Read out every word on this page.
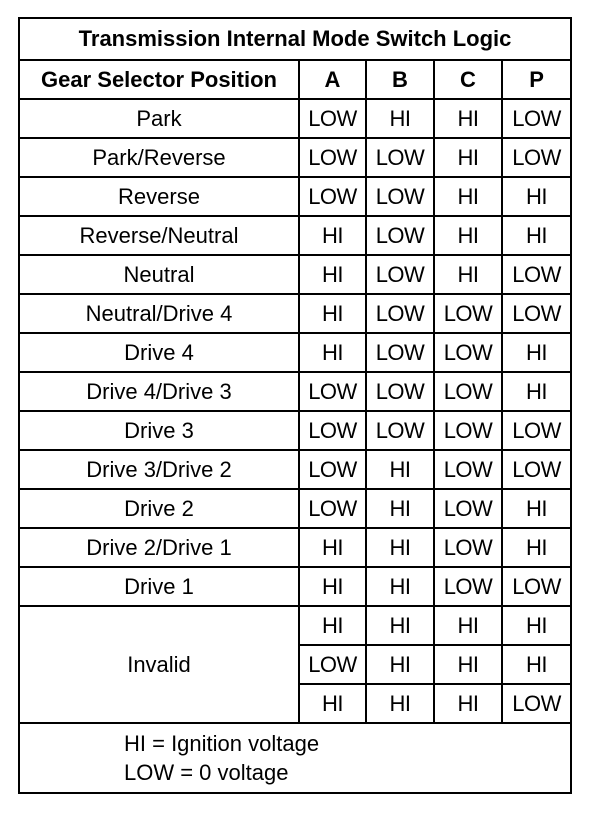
Transmission Internal Mode Switch Logic				
Gear Selector Position	A	B	C	P
Park	LOW	HI	HI	LOW
Park/Reverse	LOW	LOW	HI	LOW
Reverse	LOW	LOW	HI	HI
Reverse/Neutral	HI	LOW	HI	HI
Neutral	HI	LOW	HI	LOW
Neutral/Drive 4	HI	LOW	LOW	LOW
Drive 4	HI	LOW	LOW	HI
Drive 4/Drive 3	LOW	LOW	LOW	HI
Drive 3	LOW	LOW	LOW	LOW
Drive 3/Drive 2	LOW	HI	LOW	LOW
Drive 2	LOW	HI	LOW	HI
Drive 2/Drive 1	HI	HI	LOW	HI
Drive 1	HI	HI	LOW	LOW
Invalid	HI	HI	HI	HI
	LOW	HI	HI	HI
	HI	HI	HI	LOW

HI = Ignition voltage
LOW = 0 voltage				
